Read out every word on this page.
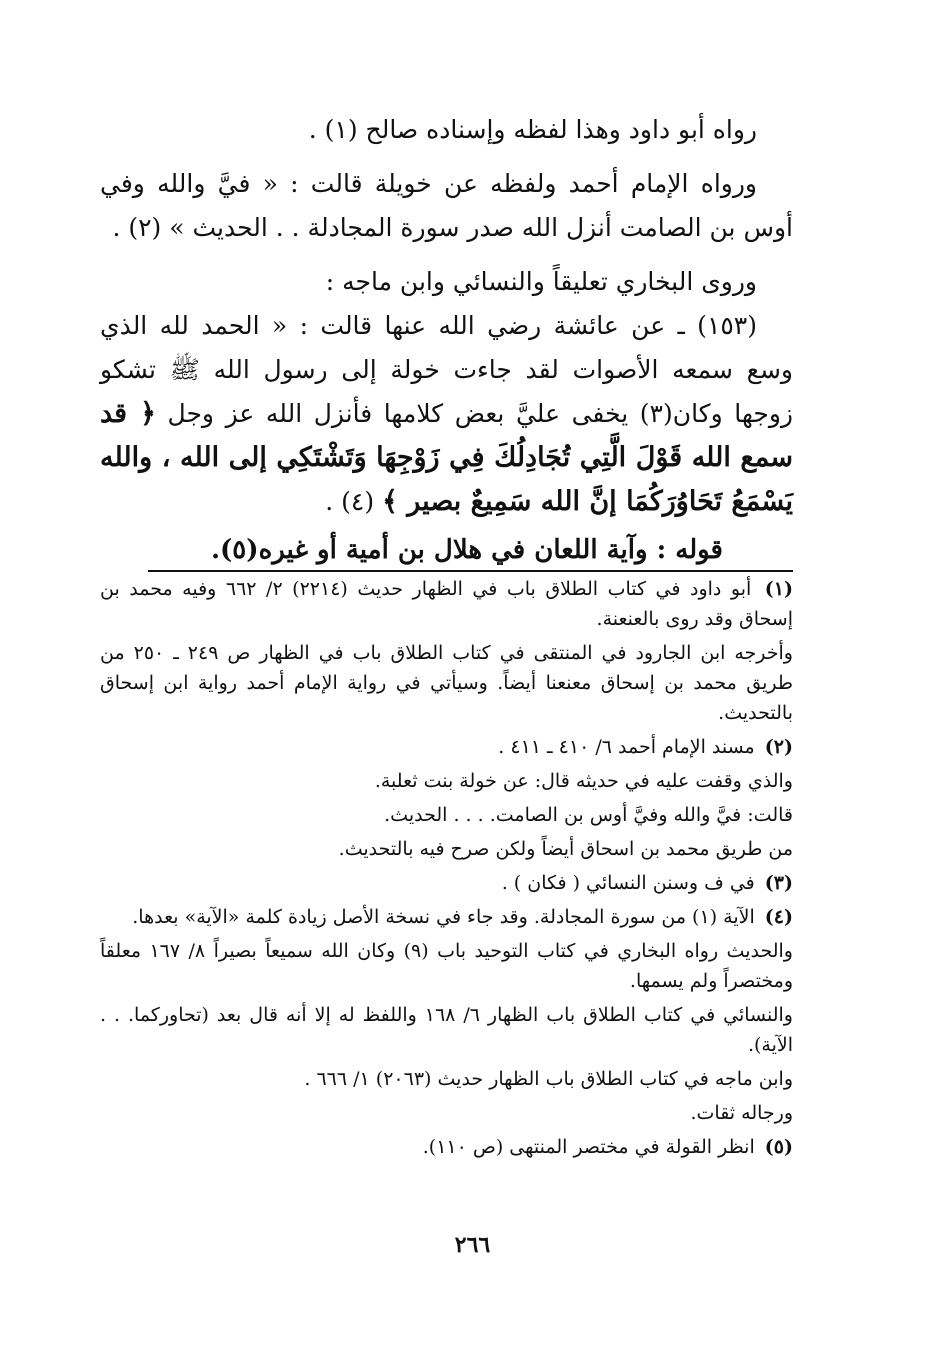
رواه أبو داود وهذا لفظه وإسناده صالح (١) .

ورواه الإمام أحمد ولفظه عن خويلة قالت : « فيَّ والله وفي أوس بن الصامت أنزل الله صدر سورة المجادلة . . الحديث » (٢) .

وروى البخاري تعليقاً والنسائي وابن ماجه :

(١٥٣) ـ عن عائشة رضي الله عنها قالت : « الحمد لله الذي وسع سمعه الأصوات لقد جاءت خولة إلى رسول الله ﷺ تشكو زوجها وكان(٣) يخفى عليَّ بعض كلامها فأنزل الله عز وجل ﴿ قد سمع الله قَوْلَ الَّتِي تُجَادِلُكَ فِي زَوْجِهَا وَتَشْتَكِي إلى الله ، والله يَسْمَعُ تَحَاوُرَكُمَا إنَّ الله سَمِيعٌ بصير ﴾ (٤) .

قوله : وآية اللعان في هلال بن أمية أو غيره(٥).

(١) أبو داود في كتاب الطلاق باب في الظهار حديث (٢٢١٤) ٢/ ٦٦٢ وفيه محمد بن إسحاق وقد روى بالعنعنة.

وأخرجه ابن الجارود في المنتقى في كتاب الطلاق باب في الظهار ص ٢٤٩ ـ ٢٥٠ من طريق محمد بن إسحاق معنعنا أيضاً. وسيأتي في رواية الإمام أحمد رواية ابن إسحاق بالتحديث.

(٢) مسند الإمام أحمد ٦/ ٤١٠ ـ ٤١١ .

والذي وقفت عليه في حديثه قال: عن خولة بنت ثعلبة.

قالت: فيَّ والله وفيَّ أوس بن الصامت. . . . الحديث.

من طريق محمد بن اسحاق أيضاً ولكن صرح فيه بالتحديث.

(٣) في ف وسنن النسائي ( فكان ) .

(٤) الآية (١) من سورة المجادلة. وقد جاء في نسخة الأصل زيادة كلمة «الآية» بعدها.

والحديث رواه البخاري في كتاب التوحيد باب (٩) وكان الله سميعاً بصيراً ٨/ ١٦٧ معلقاً ومختصراً ولم يسمها.

والنسائي في كتاب الطلاق باب الظهار ٦/ ١٦٨ واللفظ له إلا أنه قال بعد (تحاوركما. . . الآية).

وابن ماجه في كتاب الطلاق باب الظهار حديث (٢٠٦٣) ١/ ٦٦٦ .

ورجاله ثقات.

(٥) انظر القولة في مختصر المنتهى (ص ١١٠).

٢٦٦
